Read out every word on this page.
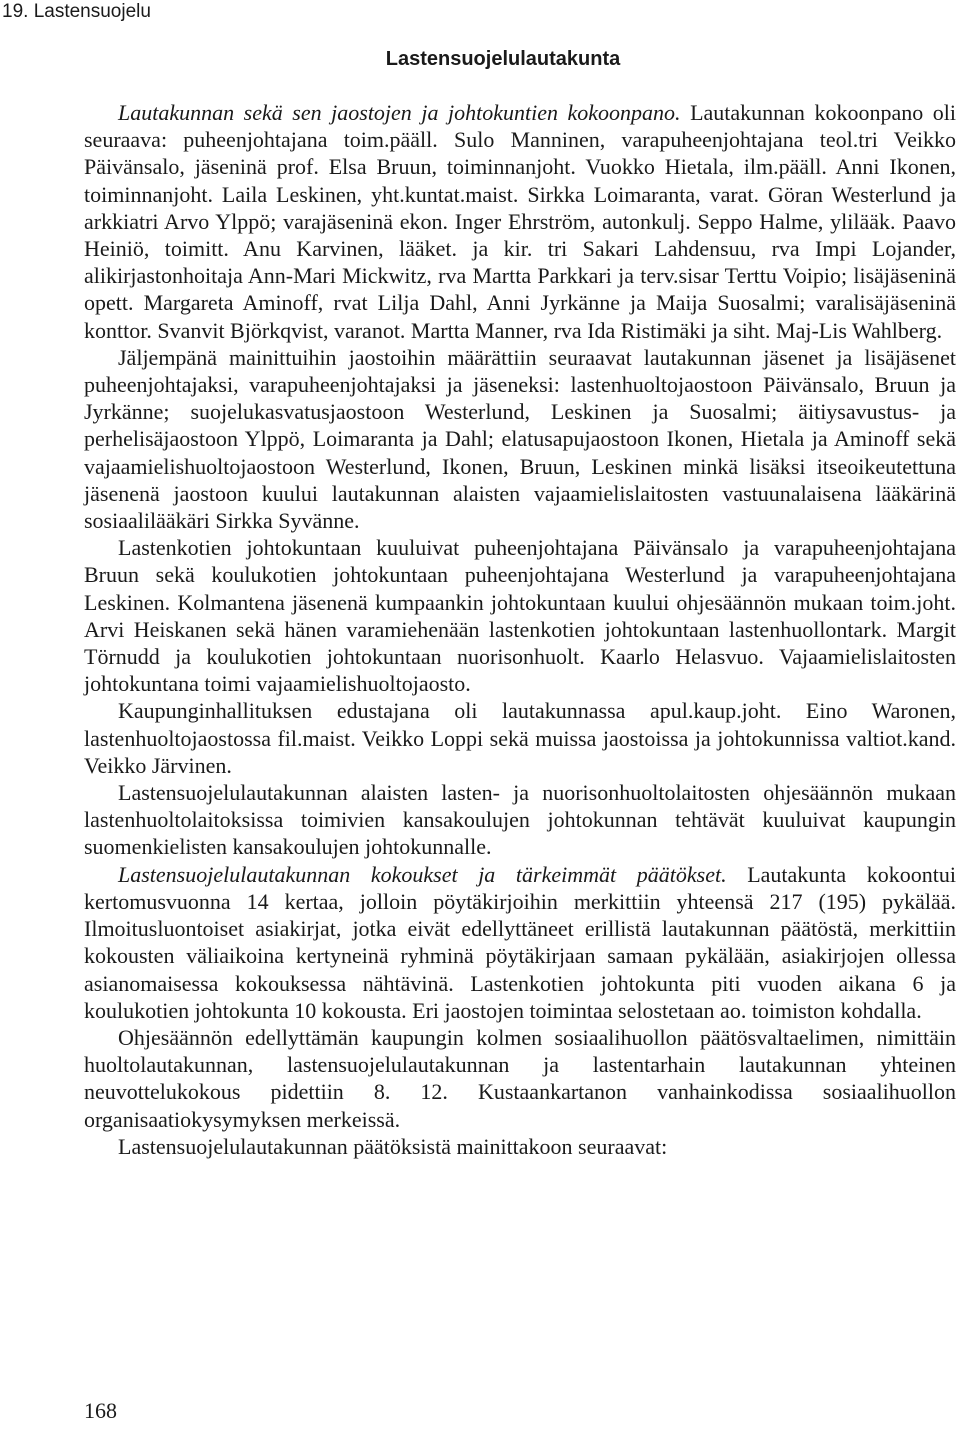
19. Lastensuojelu
Lastensuojelulautakunta

Lautakunnan sekä sen jaostojen ja johtokuntien kokoonpano. Lautakunnan kokoonpano oli seuraava: puheenjohtajana toim.pääll. Sulo Manninen, varapuheenjohtajana teol.tri Veikko Päivänsalo, jäseninä prof. Elsa Bruun, toiminnanjoht. Vuokko Hietala, ilm.pääll. Anni Ikonen, toiminnanjoht. Laila Leskinen, yht.kuntat.maist. Sirkka Loimaranta, varat. Göran Westerlund ja arkkiatri Arvo Ylppö; varajäseninä ekon. Inger Ehrström, autonkulj. Seppo Halme, ylilääk. Paavo Heiniö, toimitt. Anu Karvinen, lääket. ja kir. tri Sakari Lahdensuu, rva Impi Lojander, alikirjastonhoitaja Ann-Mari Mickwitz, rva Martta Parkkari ja terv.sisar Terttu Voipio; lisäjäseninä opett. Margareta Aminoff, rvat Lilja Dahl, Anni Jyrkänne ja Maija Suosalmi; varalisäjäseninä konttor. Svanvit Björkqvist, varanot. Martta Manner, rva Ida Ristimäki ja siht. Maj-Lis Wahlberg.

Jäljempänä mainittuihin jaostoihin määrättiin seuraavat lautakunnan jäsenet ja lisäjäsenet puheenjohtajaksi, varapuheenjohtajaksi ja jäseneksi: lastenhuoltojaostoon Päivänsalo, Bruun ja Jyrkänne; suojelukasvatusjaostoon Westerlund, Leskinen ja Suosalmi; äitiysavustus- ja perhelisäjaostoon Ylppö, Loimaranta ja Dahl; elatusapujaostoon Ikonen, Hietala ja Aminoff sekä vajaamielishuoltojaostoon Westerlund, Ikonen, Bruun, Leskinen minkä lisäksi itseoikeutettuna jäsenenä jaostoon kuului lautakunnan alaisten vajaamielislaitosten vastuunalaisena lääkärinä sosiaalilääkäri Sirkka Syvänne.

Lastenkotien johtokuntaan kuuluivat puheenjohtajana Päivänsalo ja varapuheenjohtajana Bruun sekä koulukotien johtokuntaan puheenjohtajana Westerlund ja varapuheenjohtajana Leskinen. Kolmantena jäsenenä kumpaankin johtokuntaan kuului ohjesäännön mukaan toim.joht. Arvi Heiskanen sekä hänen varamiehenään lastenkotien johtokuntaan lastenhuollontark. Margit Törnudd ja koulukotien johtokuntaan nuorisonhuolt. Kaarlo Helasvuo. Vajaamielislaitosten johtokuntana toimi vajaamielishuoltojaosto.

Kaupunginhallituksen edustajana oli lautakunnassa apul.kaup.joht. Eino Waronen, lastenhuoltojaostossa fil.maist. Veikko Loppi sekä muissa jaostoissa ja johtokunnissa valtiot.kand. Veikko Järvinen.

Lastensuojelulautakunnan alaisten lasten- ja nuorisonhuoltolaitosten ohjesäännön mukaan lastenhuoltolaitoksissa toimivien kansakoulujen johtokunnan tehtävät kuuluivat kaupungin suomenkielisten kansakoulujen johtokunnalle.

Lastensuojelulautakunnan kokoukset ja tärkeimmät päätökset. Lautakunta kokoontui kertomusvuonna 14 kertaa, jolloin pöytäkirjoihin merkittiin yhteensä 217 (195) pykälää. Ilmoitusluontoiset asiakirjat, jotka eivät edellyttäneet erillistä lautakunnan päätöstä, merkittiin kokousten väliaikoina kertyneinä ryhminä pöytäkirjaan samaan pykälään, asiakirjojen ollessa asianomaisessa kokouksessa nähtävinä. Lastenkotien johtokunta piti vuoden aikana 6 ja koulukotien johtokunta 10 kokousta. Eri jaostojen toimintaa selostetaan ao. toimiston kohdalla.

Ohjesäännön edellyttämän kaupungin kolmen sosiaalihuollon päätösvaltaelimen, nimittäin huoltolautakunnan, lastensuojelulautakunnan ja lastentarhain lautakunnan yhteinen neuvottelukokous pidettiin 8. 12. Kustaankartanon vanhainkodissa sosiaalihuollon organisaatiokysymyksen merkeissä.

Lastensuojelulautakunnan päätöksistä mainittakoon seuraavat:

168
